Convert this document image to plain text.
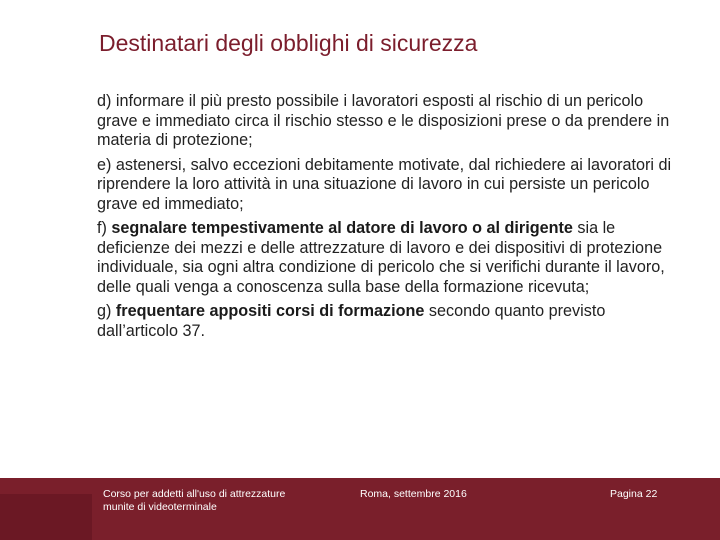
Destinatari degli obblighi di sicurezza

d) informare il più presto possibile i lavoratori esposti al rischio di un pericolo grave e immediato circa il rischio stesso e le disposizioni prese o da prendere in materia di protezione;

e) astenersi, salvo eccezioni debitamente motivate, dal richiedere ai lavoratori di riprendere la loro attività in una situazione di lavoro in cui persiste un pericolo grave ed immediato;

f) segnalare tempestivamente al datore di lavoro o al dirigente sia le deficienze dei mezzi e delle attrezzature di lavoro e dei dispositivi di protezione individuale, sia ogni altra condizione di pericolo che si verifichi durante il lavoro, delle quali venga a conoscenza sulla base della formazione ricevuta;

g) frequentare appositi corsi di formazione secondo quanto previsto dall’articolo 37.

Corso per addetti all'uso di attrezzature munite di videoterminale
Roma, settembre 2016	Pagina 22
